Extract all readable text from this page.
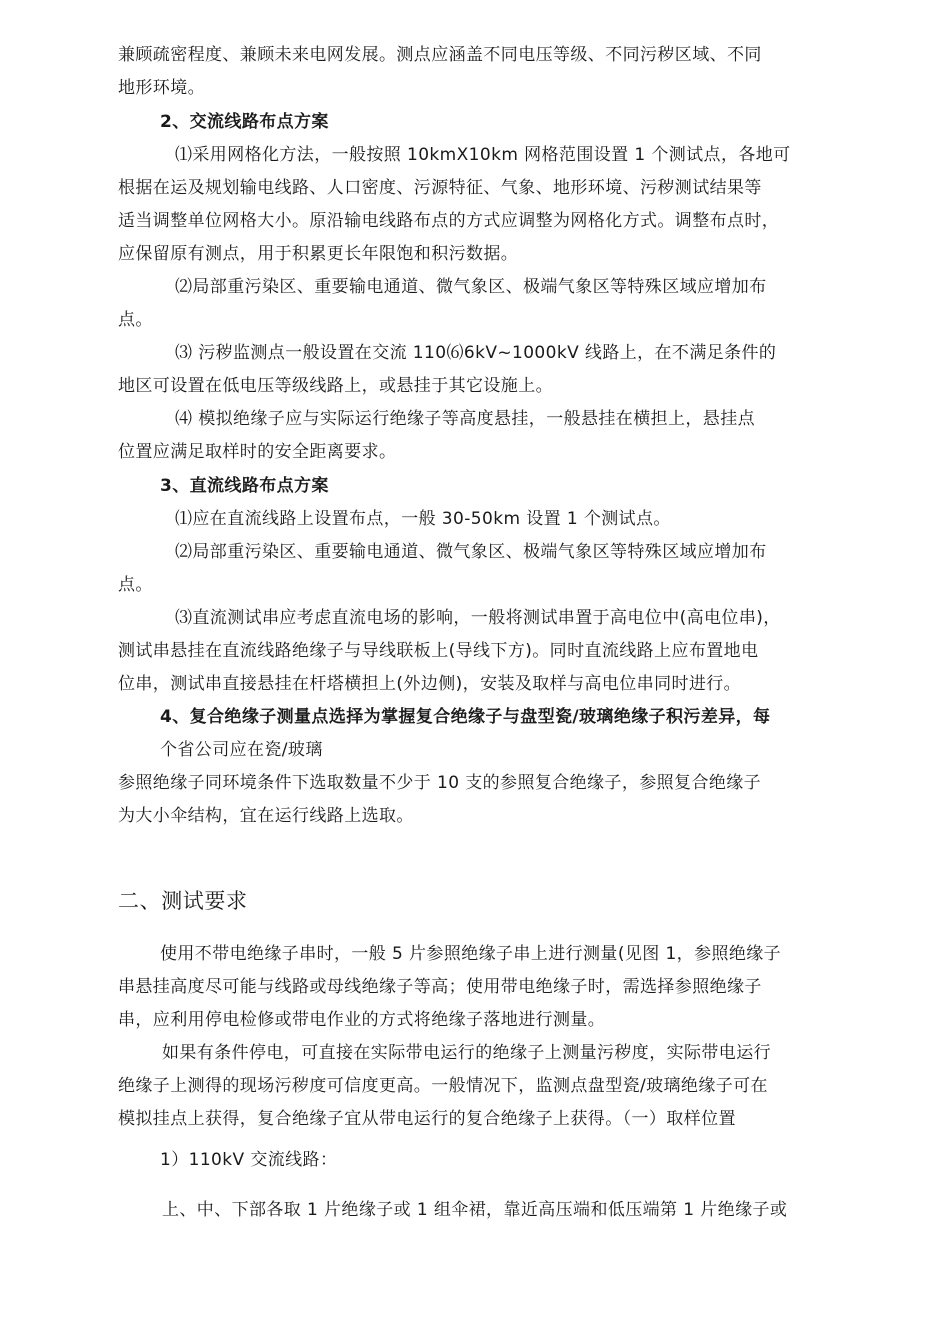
兼顾疏密程度、兼顾未来电网发展。测点应涵盖不同电压等级、不同污秽区域、不同
地形环境。
2、交流线路布点方案
⑴采用网格化方法，一般按照 10kmX10km 网格范围设置 1 个测试点，各地可
根据在运及规划输电线路、人口密度、污源特征、气象、地形环境、污秽测试结果等
适当调整单位网格大小。原沿输电线路布点的方式应调整为网格化方式。调整布点时，
应保留原有测点，用于积累更长年限饱和积污数据。
⑵局部重污染区、重要输电通道、微气象区、极端气象区等特殊区域应增加布
点。
⑶ 污秽监测点一般设置在交流 110⑹6kV~1000kV 线路上，在不满足条件的
地区可设置在低电压等级线路上，或悬挂于其它设施上。
⑷ 模拟绝缘子应与实际运行绝缘子等高度悬挂，一般悬挂在横担上，悬挂点
位置应满足取样时的安全距离要求。
3、直流线路布点方案
⑴应在直流线路上设置布点，一般 30-50km 设置 1 个测试点。
⑵局部重污染区、重要输电通道、微气象区、极端气象区等特殊区域应增加布
点。
⑶直流测试串应考虑直流电场的影响，一般将测试串置于高电位中(高电位串)，
测试串悬挂在直流线路绝缘子与导线联板上(导线下方)。同时直流线路上应布置地电
位串，测试串直接悬挂在杆塔横担上(外边侧)，安装及取样与高电位串同时进行。
4、复合绝缘子测量点选择为掌握复合绝缘子与盘型瓷/玻璃绝缘子积污差异，每
个省公司应在瓷/玻璃
参照绝缘子同环境条件下选取数量不少于 10 支的参照复合绝缘子，参照复合绝缘子
为大小伞结构，宜在运行线路上选取。
二、测试要求
使用不带电绝缘子串时，一般 5 片参照绝缘子串上进行测量(见图 1，参照绝缘子
串悬挂高度尽可能与线路或母线绝缘子等高；使用带电绝缘子时，需选择参照绝缘子
串，应利用停电检修或带电作业的方式将绝缘子落地进行测量。
如果有条件停电，可直接在实际带电运行的绝缘子上测量污秽度，实际带电运行
绝缘子上测得的现场污秽度可信度更高。一般情况下，监测点盘型瓷/玻璃绝缘子可在
模拟挂点上获得，复合绝缘子宜从带电运行的复合绝缘子上获得。（一）取样位置
1）110kV 交流线路：
上、中、下部各取 1 片绝缘子或 1 组伞裙，靠近高压端和低压端第 1 片绝缘子或
